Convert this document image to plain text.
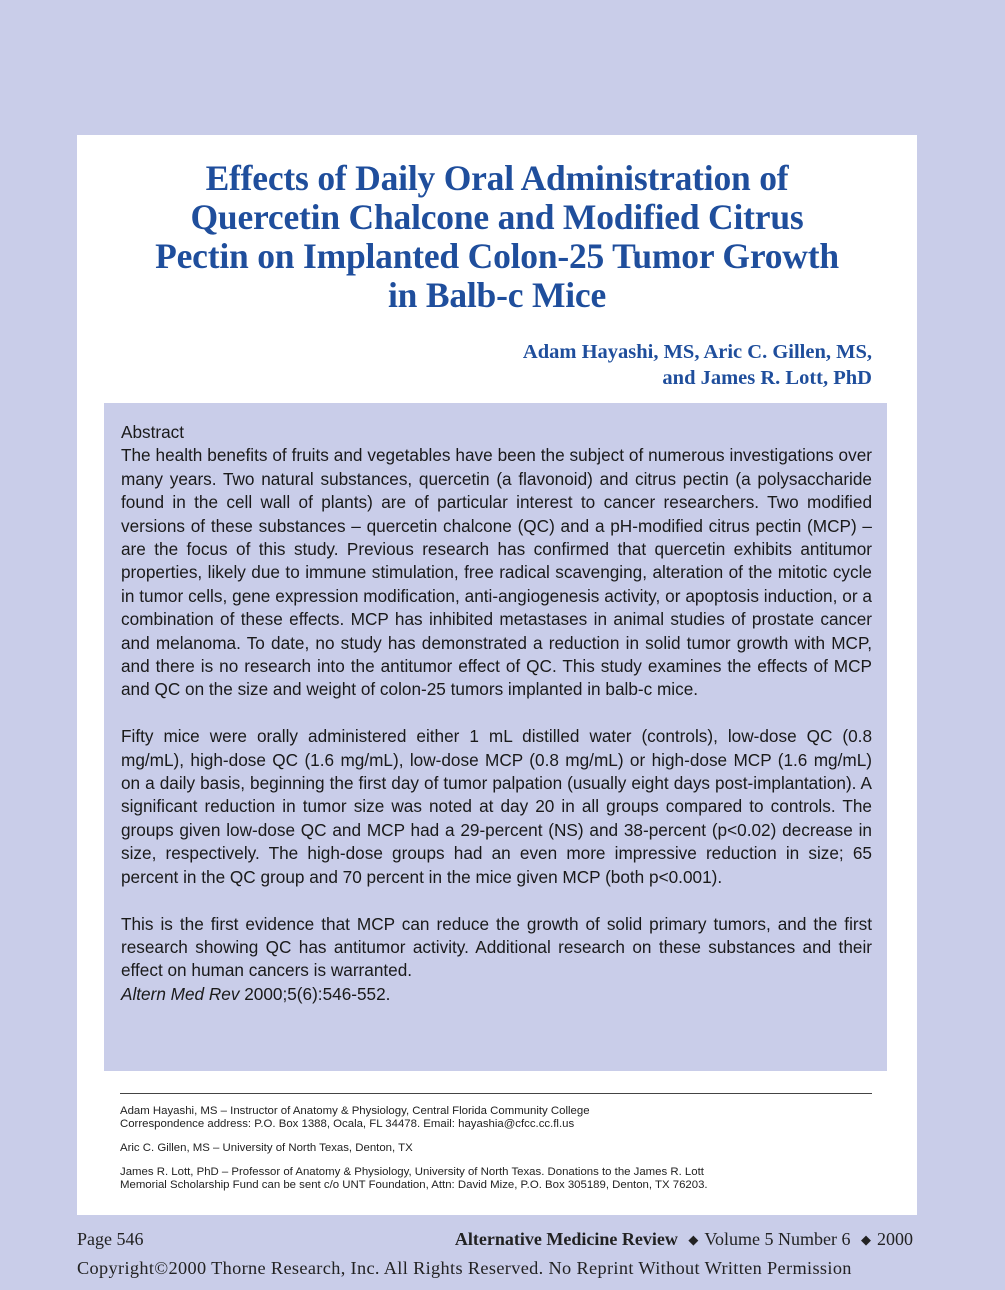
Effects of Daily Oral Administration of
Quercetin Chalcone and Modified Citrus
Pectin on Implanted Colon-25 Tumor Growth
in Balb-c Mice
Adam Hayashi, MS, Aric C. Gillen, MS,
and James R. Lott, PhD

Abstract

The health benefits of fruits and vegetables have been the subject of numerous investigations over many years. Two natural substances, quercetin (a flavonoid) and citrus pectin (a polysaccharide found in the cell wall of plants) are of particular interest to cancer researchers. Two modified versions of these substances – quercetin chalcone (QC) and a pH-modified citrus pectin (MCP) – are the focus of this study. Previous research has confirmed that quercetin exhibits antitumor properties, likely due to immune stimulation, free radical scavenging, alteration of the mitotic cycle in tumor cells, gene expression modification, anti-angiogenesis activity, or apoptosis induction, or a combination of these effects. MCP has inhibited metastases in animal studies of prostate cancer and melanoma. To date, no study has demonstrated a reduction in solid tumor growth with MCP, and there is no research into the antitumor effect of QC. This study examines the effects of MCP and QC on the size and weight of colon-25 tumors implanted in balb-c mice.

Fifty mice were orally administered either 1 mL distilled water (controls), low-dose QC (0.8 mg/mL), high-dose QC (1.6 mg/mL), low-dose MCP (0.8 mg/mL) or high-dose MCP (1.6 mg/mL) on a daily basis, beginning the first day of tumor palpation (usually eight days post-implantation). A significant reduction in tumor size was noted at day 20 in all groups compared to controls. The groups given low-dose QC and MCP had a 29-percent (NS) and 38-percent (p<0.02) decrease in size, respectively. The high-dose groups had an even more impressive reduction in size; 65 percent in the QC group and 70 percent in the mice given MCP (both p<0.001).

This is the first evidence that MCP can reduce the growth of solid primary tumors, and the first research showing QC has antitumor activity. Additional research on these substances and their effect on human cancers is warranted.

Altern Med Rev 2000;5(6):546-552.

Adam Hayashi, MS – Instructor of Anatomy & Physiology, Central Florida Community College
Correspondence address: P.O. Box 1388, Ocala, FL 34478. Email: hayashia@cfcc.cc.fl.us

Aric C. Gillen, MS – University of North Texas, Denton, TX

James R. Lott, PhD – Professor of Anatomy & Physiology, University of North Texas. Donations to the James R. Lott
Memorial Scholarship Fund can be sent c/o UNT Foundation, Attn: David Mize, P.O. Box 305189, Denton, TX 76203.

Page 546	Alternative Medicine Review ◆ Volume 5 Number 6 ◆ 2000
Copyright©2000 Thorne Research, Inc. All Rights Reserved. No Reprint Without Written Permission
